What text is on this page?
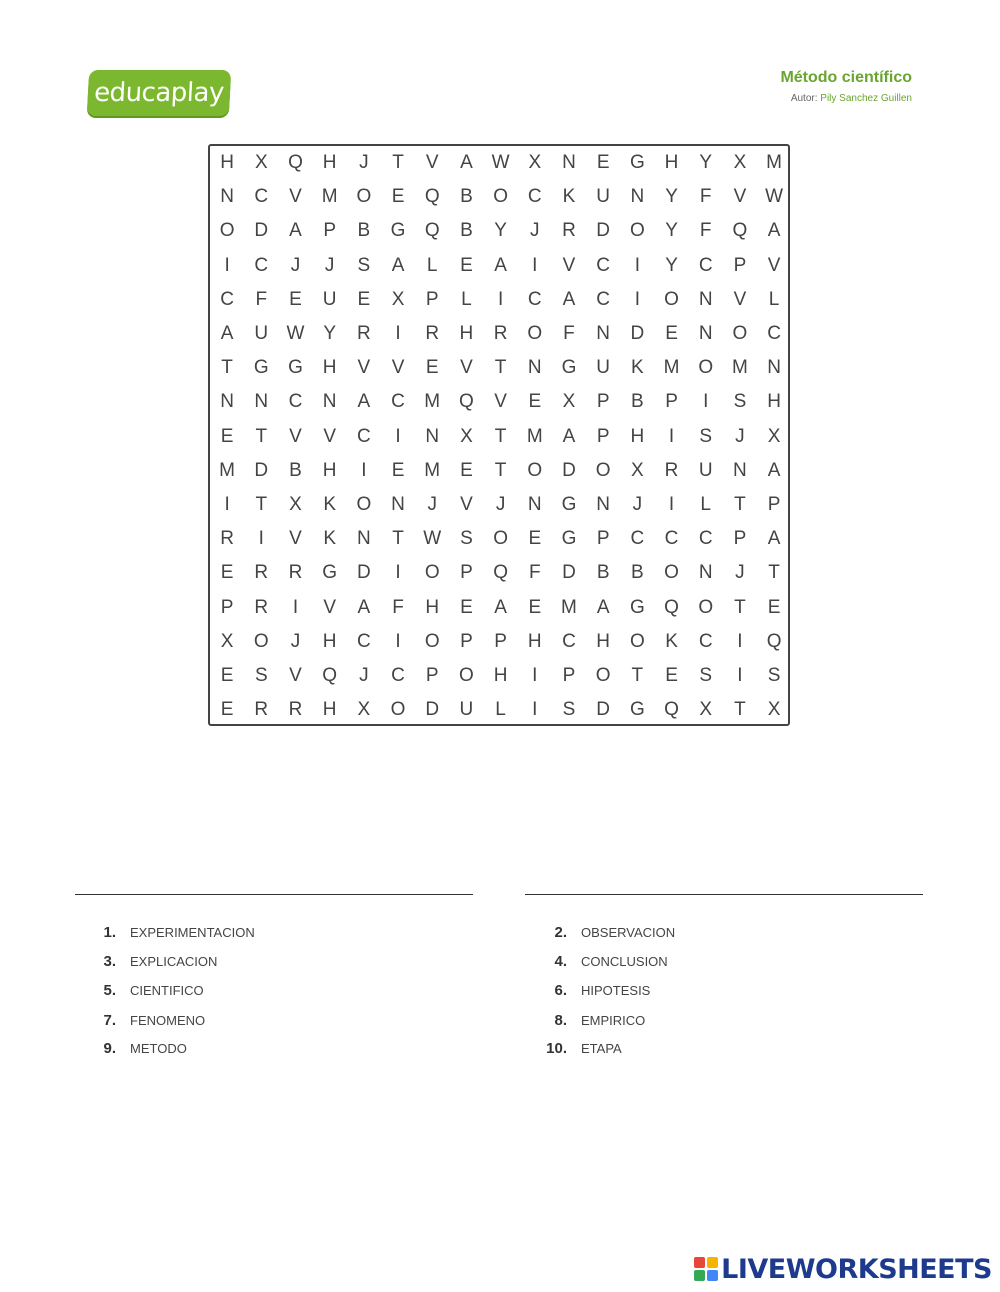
educaplay
Método científico
Autor: Pily Sanchez Guillen
H	X	Q	H	J	T	V	A W X	N	E	G	H	Y	X	M
N	C	V	M O	E	Q	B	O	C	K	U	N	Y	F	V W
O	D	A	P	B	G	Q	B	Y	J	R	D	O	Y	F	Q	A
I	C	J	J	S	A	L	E	A	I	V	C	I	Y	C	P	V
C	F	E	U	E	X	P	L	I	C	A	C	I	O	N	V	L
A	U W Y	R	I	R	H	R	O	F	N	D	E	N	O	C
T	G	G	H	V	V	E	V	T	N	G	U	K	M O M	N
N	N	C	N	A	C	M Q	V	E	X	P	B	P	I	S	H
E	T	V	V	C	I	N	X	T	M	A	P	H	I	S	J	X
M	D	B	H	I	E	M	E	T	O	D	O	X	R	U	N	A
I	T	X	K	O	N	J	V	J	N	G	N	J	I	L	T	P
R	I	V	K	N	T	W S	O	E	G	P	C	C	C	P	A
E	R	R	G	D	I	O	P	Q	F	D	B	B	O	N	J	T
P	R	I	V	A	F	H	E	A	E	M	A	G	Q	O	T	E
X	O	J	H	C	I	O	P	P	H	C	H	O	K	C	I	Q
E	S	V	Q	J	C	P	O	H	I	P	O	T	E	S	I	S
E	R	R	H	X	O	D	U	L	I	S	D	G	Q	X	T	X
1. EXPERIMENTACION	2. OBSERVACION
3. EXPLICACION	4. CONCLUSION
5. CIENTIFICO	6. HIPOTESIS
7. FENOMENO	8. EMPIRICO
9. METODO	10. ETAPA
LIVEWORKSHEETS
